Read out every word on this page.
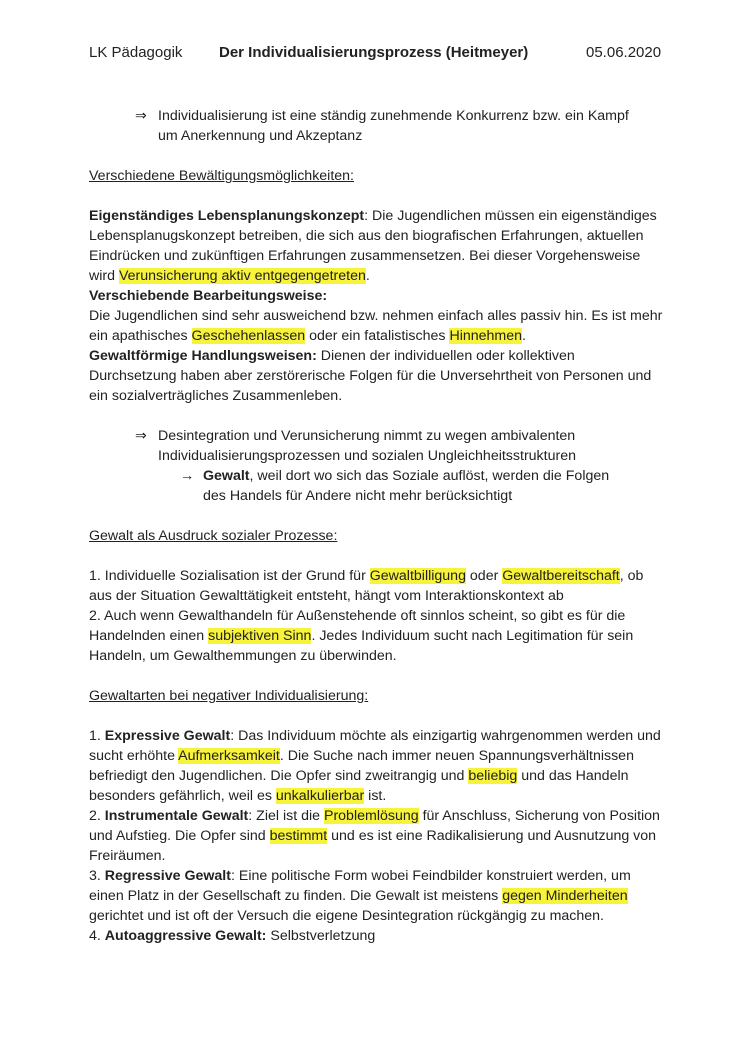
LK Pädagogik Der Individualisierungsprozess (Heitmeyer)	05.06.2020
⇒ Individualisierung ist eine ständig zunehmende Konkurrenz bzw. ein Kampf
um Anerkennung und Akzeptanz

Verschiedene Bewältigungsmöglichkeiten:

Eigenständiges Lebensplanungskonzept: Die Jugendlichen müssen ein eigenständiges Lebensplanugskonzept betreiben, die sich aus den biografischen Erfahrungen, aktuellen Eindrücken und zukünftigen Erfahrungen zusammensetzen. Bei dieser Vorgehensweise wird Verunsicherung aktiv entgegengetreten.

Verschiebende Bearbeitungsweise:

Die Jugendlichen sind sehr ausweichend bzw. nehmen einfach alles passiv hin. Es ist mehr ein apathisches Geschehenlassen oder ein fatalistisches Hinnehmen.

Gewaltförmige Handlungsweisen: Dienen der individuellen oder kollektiven Durchsetzung haben aber zerstörerische Folgen für die Unversehrtheit von Personen und ein sozialverträgliches Zusammenleben.

⇒ Desintegration und Verunsicherung nimmt zu wegen ambivalenten
Individualisierungsprozessen und sozialen Ungleichheitsstrukturen
→ Gewalt, weil dort wo sich das Soziale auflöst, werden die Folgen
des Handels für Andere nicht mehr berücksichtigt

Gewalt als Ausdruck sozialer Prozesse:

1. Individuelle Sozialisation ist der Grund für Gewaltbilligung oder Gewaltbereitschaft, ob aus der Situation Gewalttätigkeit entsteht, hängt vom Interaktionskontext ab

2. Auch wenn Gewalthandeln für Außenstehende oft sinnlos scheint, so gibt es für die Handelnden einen subjektiven Sinn. Jedes Individuum sucht nach Legitimation für sein Handeln, um Gewalthemmungen zu überwinden.

Gewaltarten bei negativer Individualisierung:

1. Expressive Gewalt: Das Individuum möchte als einzigartig wahrgenommen werden und sucht erhöhte Aufmerksamkeit. Die Suche nach immer neuen Spannungsverhältnissen befriedigt den Jugendlichen. Die Opfer sind zweitrangig und beliebig und das Handeln besonders gefährlich, weil es unkalkulierbar ist.

2. Instrumentale Gewalt: Ziel ist die Problemlösung für Anschluss, Sicherung von Position und Aufstieg. Die Opfer sind bestimmt und es ist eine Radikalisierung und Ausnutzung von Freiräumen.

3. Regressive Gewalt: Eine politische Form wobei Feindbilder konstruiert werden, um einen Platz in der Gesellschaft zu finden. Die Gewalt ist meistens gegen Minderheiten gerichtet und ist oft der Versuch die eigene Desintegration rückgängig zu machen.

4. Autoaggressive Gewalt: Selbstverletzung
